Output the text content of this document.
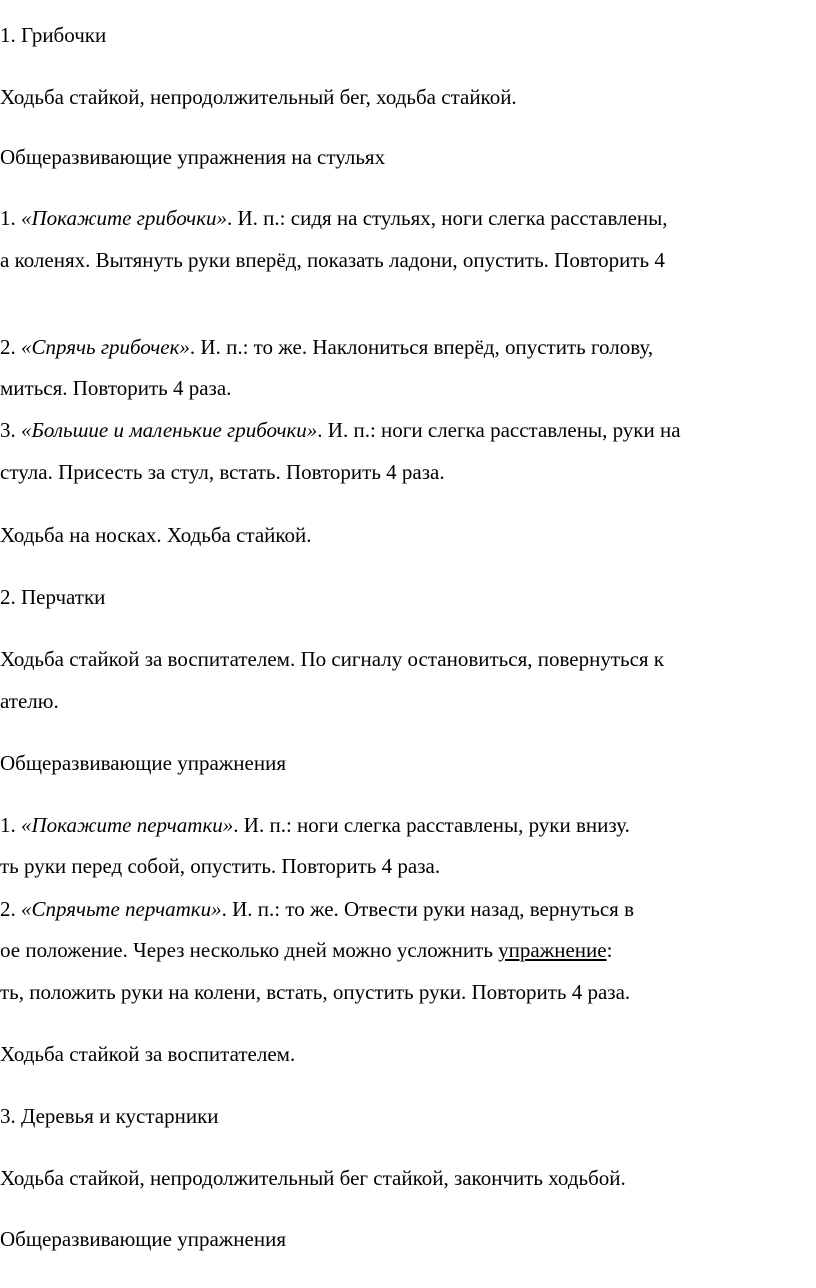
1. Грибочки
Ходьба стайкой, непродолжительный бег, ходьба стайкой.
Общеразвивающие упражнения на стульях
1. «Покажите грибочки». И. п.: сидя на стульях, ноги слегка расставлены,
а коленях. Вытянуть руки вперёд, показать ладони, опустить. Повторить 4
2. «Спрячь грибочек». И. п.: то же. Наклониться вперёд, опустить голову,
миться. Повторить 4 раза.
3. «Большие и маленькие грибочки». И. п.: ноги слегка расставлены, руки на
стула. Присесть за стул, встать. Повторить 4 раза.
Ходьба на носках. Ходьба стайкой.
2. Перчатки
Ходьба стайкой за воспитателем. По сигналу остановиться, повернуться к
ателю.
Общеразвивающие упражнения
1. «Покажите перчатки». И. п.: ноги слегка расставлены, руки внизу.
ть руки перед собой, опустить. Повторить 4 раза.
2. «Спрячьте перчатки». И. п.: то же. Отвести руки назад, вернуться в
ое положение. Через несколько дней можно усложнить упражнение:
ть, положить руки на колени, встать, опустить руки. Повторить 4 раза.
Ходьба стайкой за воспитателем.
3. Деревья и кустарники
Ходьба стайкой, непродолжительный бег стайкой, закончить ходьбой.
Общеразвивающие упражнения
